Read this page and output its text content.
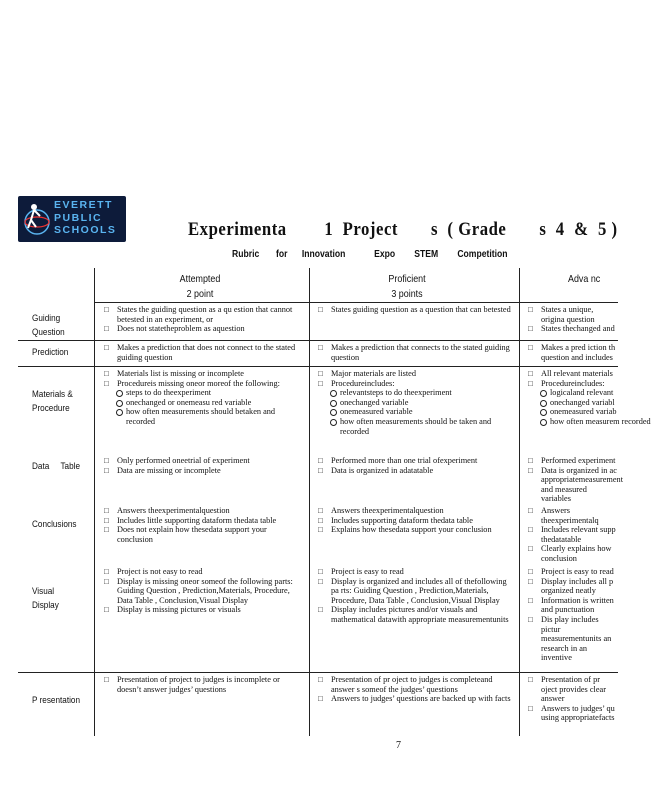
EVERETT
PUBLIC
SCHOOLS	Experimenta        1  Project       s  ( Grade       s  4  &  5 )
Rubric       for      Innovation            Expo        STEM        Competition
Attempted
2 point
Proficient
3 points
Adva nc
Guiding Question
Prediction
Materials & Procedure
Data     Table
Conclusions
Visual Display
P resentation
□ States the guiding question as a qu estion that cannot betested in an experiment, or
□ Does not statetheproblem as aquestion
□ States guiding question as a question that can betested
□	States a unique, origina question
□ States thechanged and
□ Makes a prediction that does not connect to the stated guiding question
□ Makes a prediction that connects to the stated guiding question
□ Makes a pred iction th question and includes
□ Materials list is missing or incomplete
□ Procedureis missing oneor moreof the following:
steps to do theexperiment
onechanged or onemeasu red variable
how often measurements should betaken and recorded
□ Major materials are listed
□ Procedureincludes:
relevantsteps to do theexperiment
onechanged variable
onemeasured variable
how often measurements should be taken and recorded
□ All relevant materials
□ Procedureincludes:
logicaland relevant
onechanged variabl
onemeasured variab
how often measurem recorded
□ Only performed oneetrial of experiment
□ Data are missing or incomplete
□ Performed more than one trial ofexperiment
□ Data is organized in adatatable
□ Performed experiment
□ Data is organized in ac appropriatemeasurement and measured variables
□ Answers theexperimentalquestion
□ Includes little supporting dataform thedata table
□ Does not explain how thesedata support your conclusion
□ Answers theexperimentalquestion
□ Includes supporting dataform thedata table
□ Explains how thesedata support your conclusion
□ Answers theexperimentalq
□ Includes relevant supp thedatatable
□ Clearly explains how conclusion
□ Project is not easy to read
□ Display is missing oneor someof the following parts: Guiding Question , Prediction,Materials, Procedure, Data Table , Conclusion,Visual Display
□ Display is missing pictures or visuals
□ Project is easy to read
□ Display is organized and includes all of thefollowing pa rts: Guiding Question , Prediction,Materials, Procedure, Data Table , Conclusion,Visual Display
□ Display includes pictures and/or visuals and mathematical datawith appropriate measurementunits
□ Project is easy to read
□ Display includes all p organized neatly
□ Information is written and punctuation
□ Dis play includes pictur measurementunits an research in an inventive
□ Presentation of project to judges is incomplete or doesn’t answer judges’ questions
□ Presentation of pr oject to judges is completeand answer s someof the judges’ questions
□ Answers to judges’ questions are backed up with facts
□ Presentation of pr oject provides clear answer
□ Answers to judges’ qu using appropriatefacts
7
